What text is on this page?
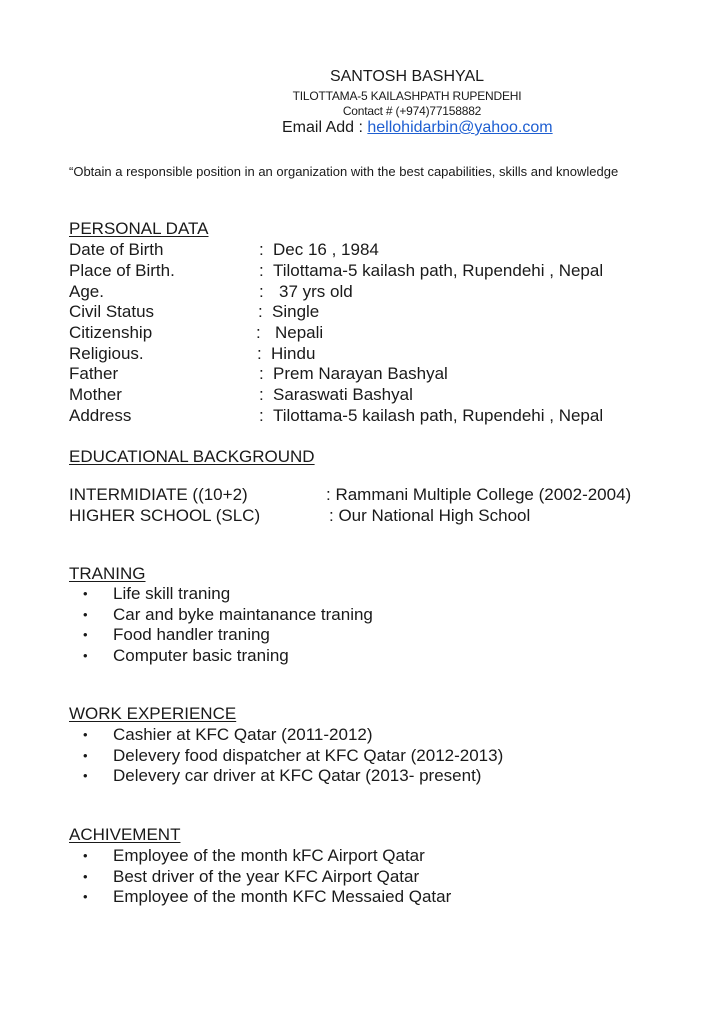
SANTOSH BASHYAL
TILOTTAMA-5 KAILASHPATH RUPENDEHI
Contact # (+974)77158882
Email Add : hellohidarbin@yahoo.com
“Obtain a responsible position in an organization with the best capabilities, skills and knowledge
PERSONAL DATA
Date of Birth	: Dec 16 , 1984
Place of Birth.	: Tilottama-5 kailash path, Rupendehi , Nepal
Age.	: 37 yrs old
Civil Status	: Single
Citizenship	: Nepali
Religious.	: Hindu
Father	: Prem Narayan Bashyal
Mother	: Saraswati Bashyal
Address	: Tilottama-5 kailash path, Rupendehi , Nepal
EDUCATIONAL BACKGROUND
INTERMIDIATE ((10+2)	: Rammani Multiple College (2002-2004)
HIGHER SCHOOL (SLC)	: Our National High School
TRANING
• Life skill traning
• Car and byke maintanance traning
• Food handler traning
• Computer basic traning
WORK EXPERIENCE
• Cashier at KFC Qatar (2011-2012)
• Delevery food dispatcher at KFC Qatar (2012-2013)
• Delevery car driver at KFC Qatar (2013- present)
ACHIVEMENT
• Employee of the month kFC Airport Qatar
• Best driver of the year KFC Airport Qatar
• Employee of the month KFC Messaied Qatar
